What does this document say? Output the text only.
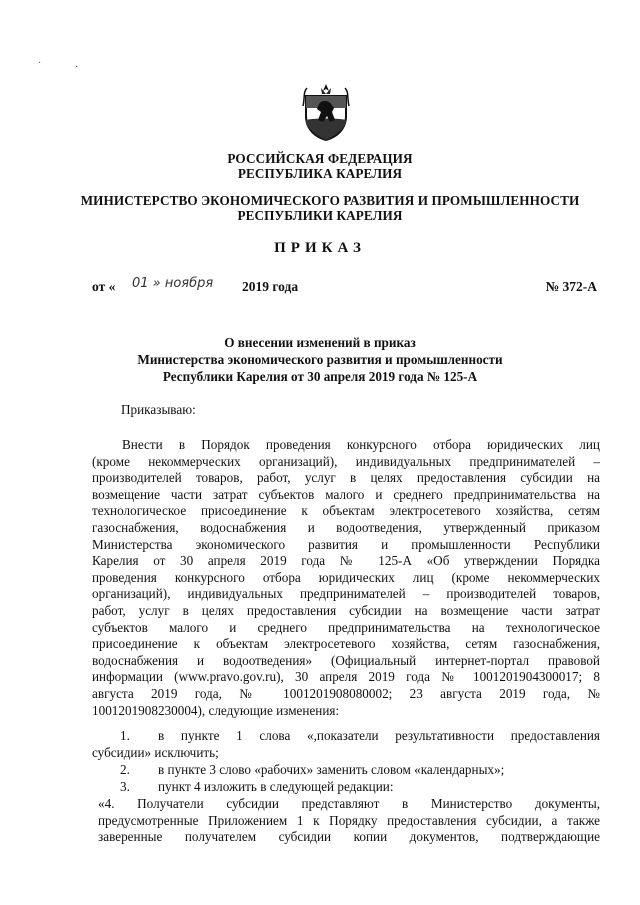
РОССИЙСКАЯ ФЕДЕРАЦИЯ
РЕСПУБЛИКА КАРЕЛИЯ
МИНИСТЕРСТВО ЭКОНОМИЧЕСКОГО РАЗВИТИЯ И ПРОМЫШЛЕННОСТИ
РЕСПУБЛИКИ КАРЕЛИЯ
ПРИКАЗ
от « 01 » ноября 2019 года	№ 372-А
О внесении изменений в приказ
Министерства экономического развития и промышленности
Республики Карелия от 30 апреля 2019 года № 125-А
Приказываю:

Внести в Порядок проведения конкурсного отбора юридических лиц

(кроме некоммерческих организаций), индивидуальных предпринимателей –

производителей товаров, работ, услуг в целях предоставления субсидии на

возмещение части затрат субъектов малого и среднего предпринимательства на

технологическое присоединение к объектам электросетевого хозяйства, сетям

газоснабжения, водоснабжения и водоотведения, утвержденный приказом

Министерства экономического развития и промышленности Республики

Карелия от 30 апреля 2019 года № 125-А «Об утверждении Порядка

проведения конкурсного отбора юридических лиц (кроме некоммерческих

организаций), индивидуальных предпринимателей – производителей товаров,

работ, услуг в целях предоставления субсидии на возмещение части затрат

субъектов малого и среднего предпринимательства на технологическое

присоединение к объектам электросетевого хозяйства, сетям газоснабжения,

водоснабжения и водоотведения» (Официальный интернет-портал правовой

информации (www.pravo.gov.ru), 30 апреля 2019 года № 1001201904300017; 8

августа 2019 года, № 1001201908080002; 23 августа 2019 года, №

1001201908230004), следующие изменения:

1. в пункте 1 слова «,показатели результативности предоставления
субсидии» исключить;
2. в пункте 3 слово «рабочих» заменить словом «календарных»;
3. пункт 4 изложить в следующей редакции:

«4. Получатели субсидии представляют в Министерство документы,

предусмотренные Приложением 1 к Порядку предоставления субсидии, а также

заверенные получателем субсидии копии документов, подтверждающие

·	·
